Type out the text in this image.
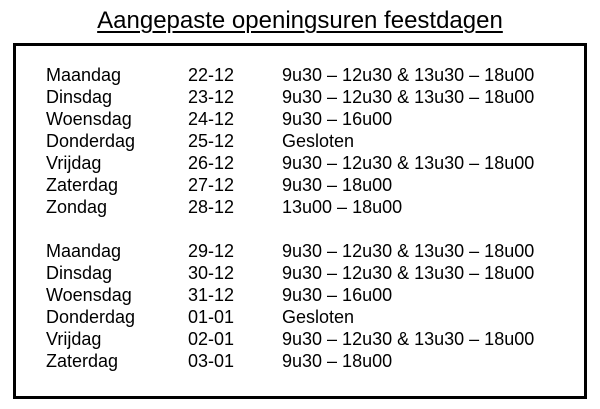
Aangepaste openingsuren feestdagen
Maandag	22-12	9u30 – 12u30 & 13u30 – 18u00
Dinsdag	23-12	9u30 – 12u30 & 13u30 – 18u00
Woensdag	24-12	9u30 – 16u00
Donderdag	25-12	Gesloten
Vrijdag	26-12	9u30 – 12u30 & 13u30 – 18u00
Zaterdag	27-12	9u30 – 18u00
Zondag	28-12	13u00 – 18u00
Maandag	29-12	9u30 – 12u30 & 13u30 – 18u00
Dinsdag	30-12	9u30 – 12u30 & 13u30 – 18u00
Woensdag	31-12	9u30 – 16u00
Donderdag	01-01	Gesloten
Vrijdag	02-01	9u30 – 12u30 & 13u30 – 18u00
Zaterdag	03-01	9u30 – 18u00
